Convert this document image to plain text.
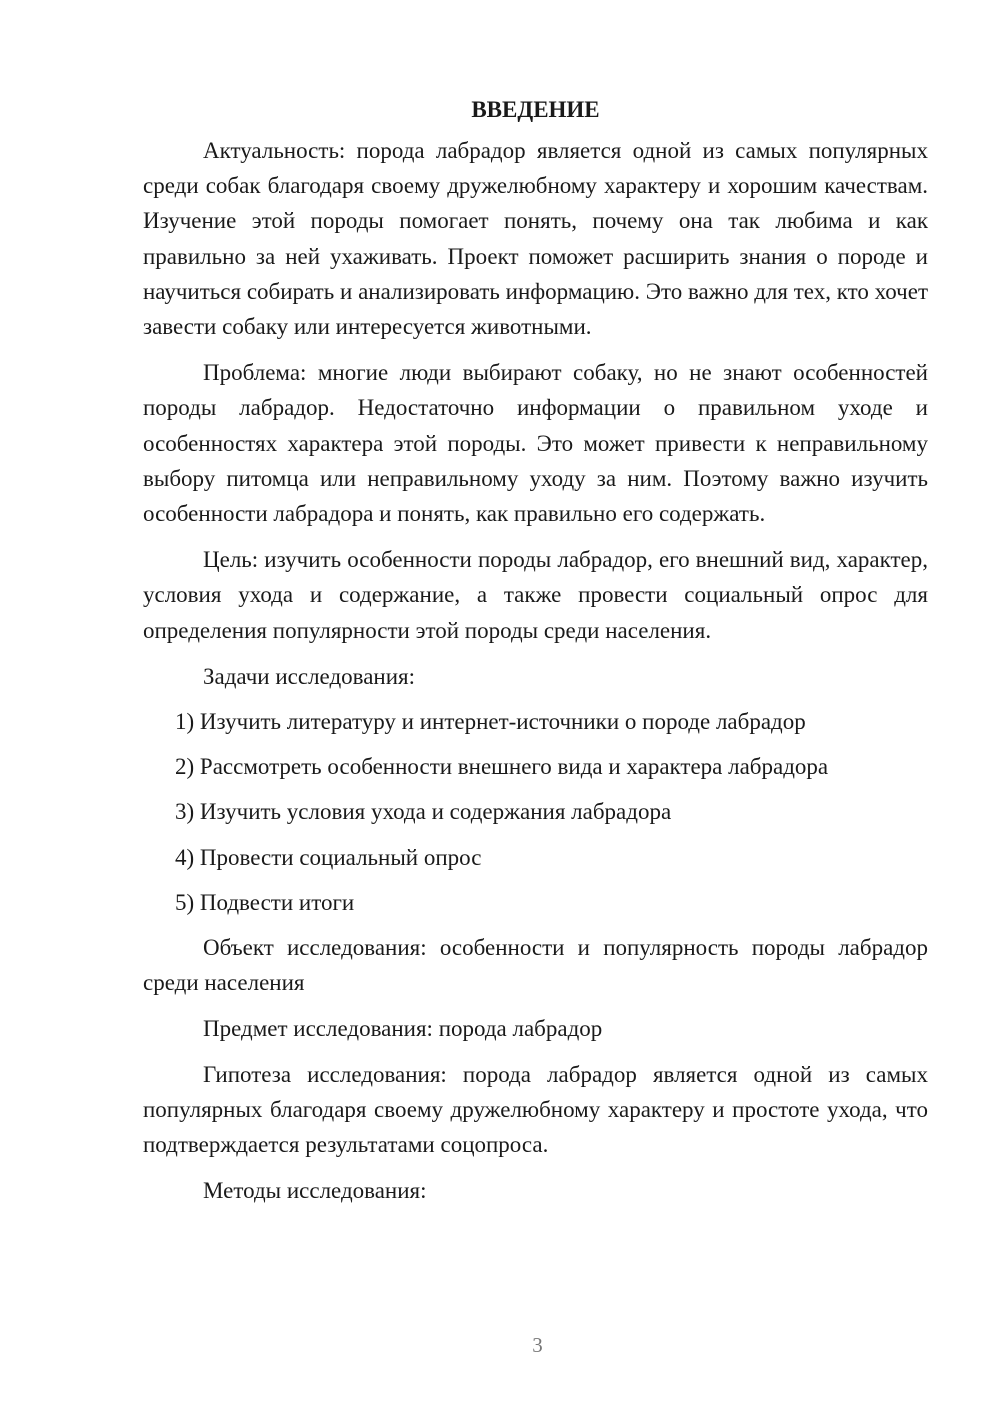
ВВЕДЕНИЕ

Актуальность: порода лабрадор является одной из самых популярных среди собак благодаря своему дружелюбному характеру и хорошим качествам. Изучение этой породы помогает понять, почему она так любима и как правильно за ней ухаживать. Проект поможет расширить знания о породе и научиться собирать и анализировать информацию. Это важно для тех, кто хочет завести собаку или интересуется животными.

Проблема: многие люди выбирают собаку, но не знают особенностей породы лабрадор. Недостаточно информации о правильном уходе и особенностях характера этой породы. Это может привести к неправильному выбору питомца или неправильному уходу за ним. Поэтому важно изучить особенности лабрадора и понять, как правильно его содержать.

Цель: изучить особенности породы лабрадор, его внешний вид, характер, условия ухода и содержание, а также провести социальный опрос для определения популярности этой породы среди населения.

Задачи исследования:

1) Изучить литературу и интернет-источники о породе лабрадор
2) Рассмотреть особенности внешнего вида и характера лабрадора
3) Изучить условия ухода и содержания лабрадора
4) Провести социальный опрос
5) Подвести итоги

Объект исследования: особенности и популярность породы лабрадор среди населения

Предмет исследования: порода лабрадор

Гипотеза исследования: порода лабрадор является одной из самых популярных благодаря своему дружелюбному характеру и простоте ухода, что подтверждается результатами соцопроса.

Методы исследования:

3
